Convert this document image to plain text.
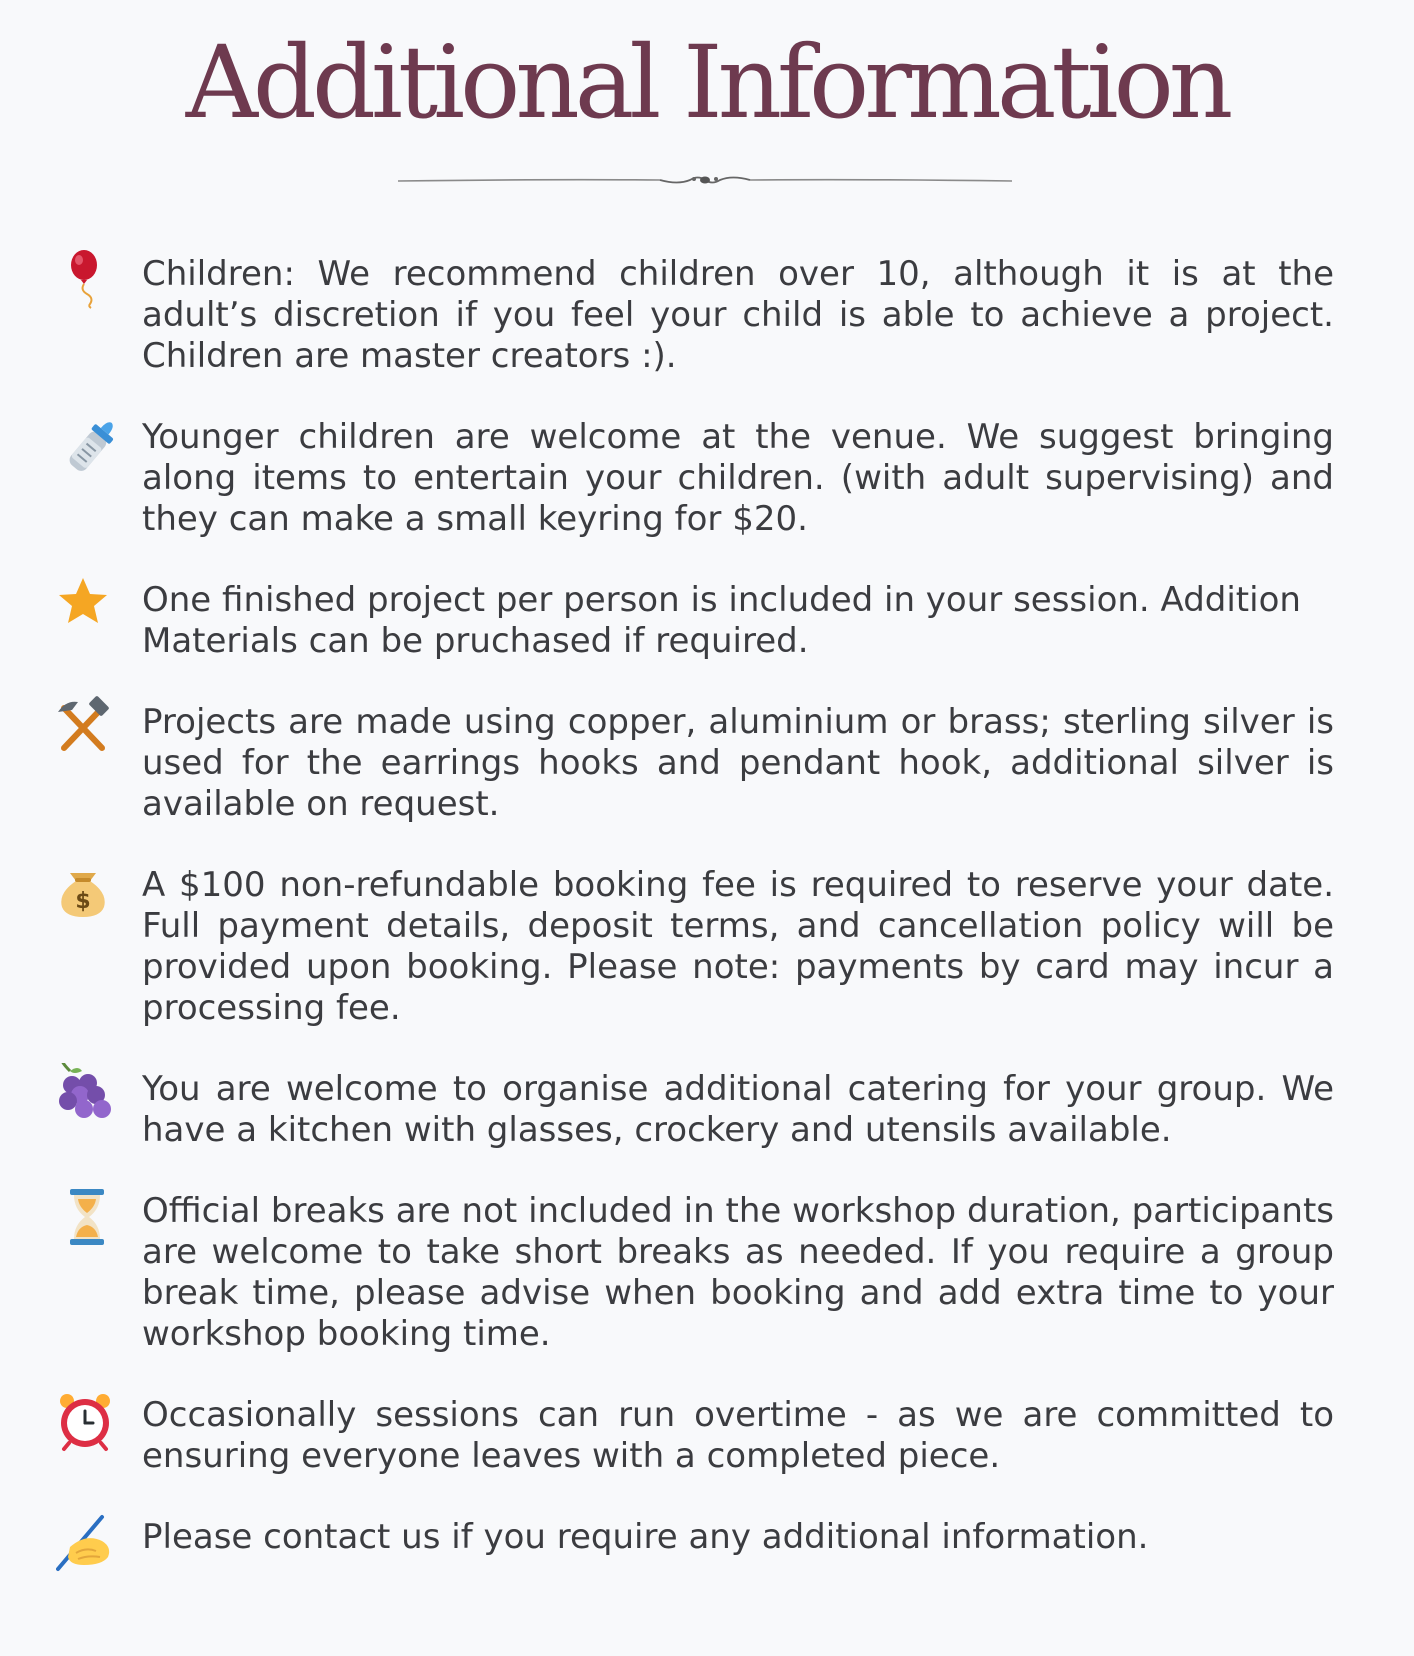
Additional Information

Children: We recommend children over 10, although it is at the adult’s discretion if you feel your child is able to achieve a project. Children are master creators :).

Younger children are welcome at the venue. We suggest bringing along items to entertain your children. (with adult supervising) and they can make a small keyring for $20.

One finished project per person is included in your session. Addition Materials can be pruchased if required.

Projects are made using copper, aluminium or brass; sterling silver is used for the earrings hooks and pendant hook, additional silver is available on request.

$ A $100 non-refundable booking fee is required to reserve your date. Full payment details, deposit terms, and cancellation policy will be provided upon booking. Please note: payments by card may incur a processing fee.

You are welcome to organise additional catering for your group. We have a kitchen with glasses, crockery and utensils available.

Official breaks are not included in the workshop duration, participants are welcome to take short breaks as needed. If you require a group break time, please advise when booking and add extra time to your workshop booking time.

Occasionally sessions can run overtime - as we are committed to ensuring everyone leaves with a completed piece.

Please contact us if you require any additional information.
